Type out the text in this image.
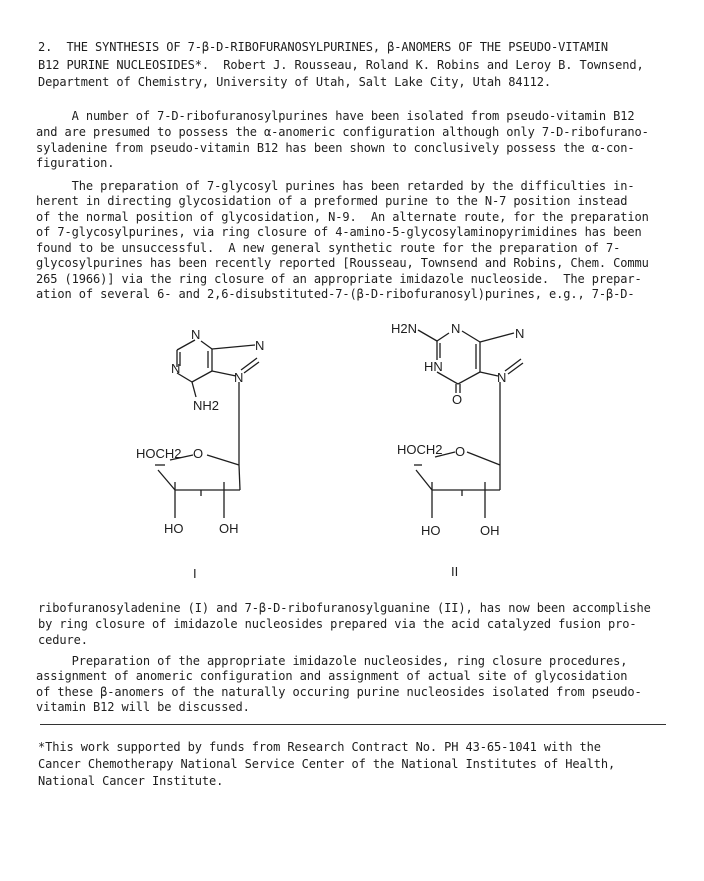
2.  THE SYNTHESIS OF 7-β-D-RIBOFURANOSYLPURINES, β-ANOMERS OF THE PSEUDO-VITAMIN
B12 PURINE NUCLEOSIDES*.  Robert J. Rousseau, Roland K. Robins and Leroy B. Townsend,
Department of Chemistry, University of Utah, Salt Lake City, Utah 84112.
A number of 7-D-ribofuranosylpurines have been isolated from pseudo-vitamin B12
and are presumed to possess the α-anomeric configuration although only 7-D-ribofurano-
syladenine from pseudo-vitamin B12 has been shown to conclusively possess the α-con-
figuration.
The preparation of 7-glycosyl purines has been retarded by the difficulties in-
herent in directing glycosidation of a preformed purine to the N-7 position instead
of the normal position of glycosidation, N-9.  An alternate route, for the preparation
of 7-glycosylpurines, via ring closure of 4-amino-5-glycosylaminopyrimidines has been
found to be unsuccessful.  A new general synthetic route for the preparation of 7-
glycosylpurines has been recently reported [Rousseau, Townsend and Robins, Chem. Commu
265 (1966)] via the ring closure of an appropriate imidazole nucleoside.  The prepar-
ation of several 6- and 2,6-disubstituted-7-(β-D-ribofuranosyl)purines, e.g., 7-β-D-
N
N
N
N
NH2
HOCH2 O
HO	OH
I
H2N	N	N
HN
N
O
HOCH2 O
HO	OH
II
ribofuranosyladenine (I) and 7-β-D-ribofuranosylguanine (II), has now been accomplishe
by ring closure of imidazole nucleosides prepared via the acid catalyzed fusion pro-
cedure.
Preparation of the appropriate imidazole nucleosides, ring closure procedures,
assignment of anomeric configuration and assignment of actual site of glycosidation
of these β-anomers of the naturally occuring purine nucleosides isolated from pseudo-
vitamin B12 will be discussed.
*This work supported by funds from Research Contract No. PH 43-65-1041 with the
Cancer Chemotherapy National Service Center of the National Institutes of Health,
National Cancer Institute.
